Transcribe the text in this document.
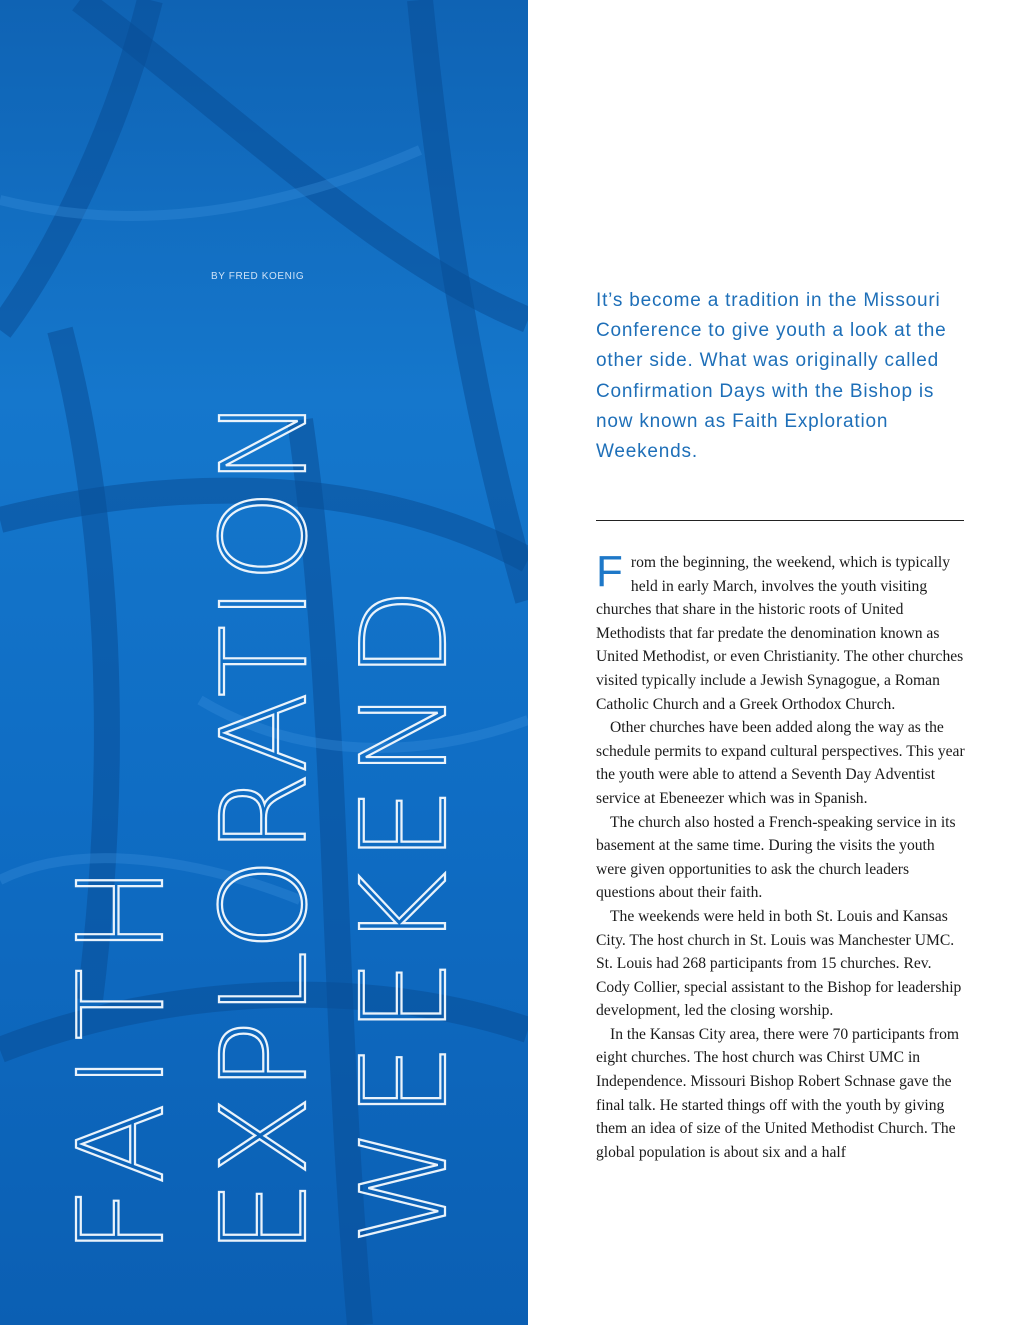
BY FRED KOENIG
FAITH EXPLORATION WEEKEND

It’s become a tradition in the Missouri Conference to give youth a look at the other side. What was originally called Confirmation Days with the Bishop is now known as Faith Exploration Weekends.

From the beginning, the weekend, which is typically held in early March, involves the youth visiting churches that share in the historic roots of United Methodists that far predate the denomination known as United Methodist, or even Christianity. The other churches visited typically include a Jewish Synagogue, a Roman Catholic Church and a Greek Orthodox Church.

Other churches have been added along the way as the schedule permits to expand cultural perspectives. This year the youth were able to attend a Seventh Day Adventist service at Ebeneezer which was in Spanish.

The church also hosted a French-speaking service in its basement at the same time. During the visits the youth were given opportunities to ask the church leaders questions about their faith.

The weekends were held in both St. Louis and Kansas City. The host church in St. Louis was Manchester UMC. St. Louis had 268 participants from 15 churches. Rev. Cody Collier, special assistant to the Bishop for leadership development, led the closing worship.

In the Kansas City area, there were 70 participants from eight churches. The host church was Chirst UMC in Independence. Missouri Bishop Robert Schnase gave the final talk. He started things off with the youth by giving them an idea of size of the United Methodist Church. The global population is about six and a half
